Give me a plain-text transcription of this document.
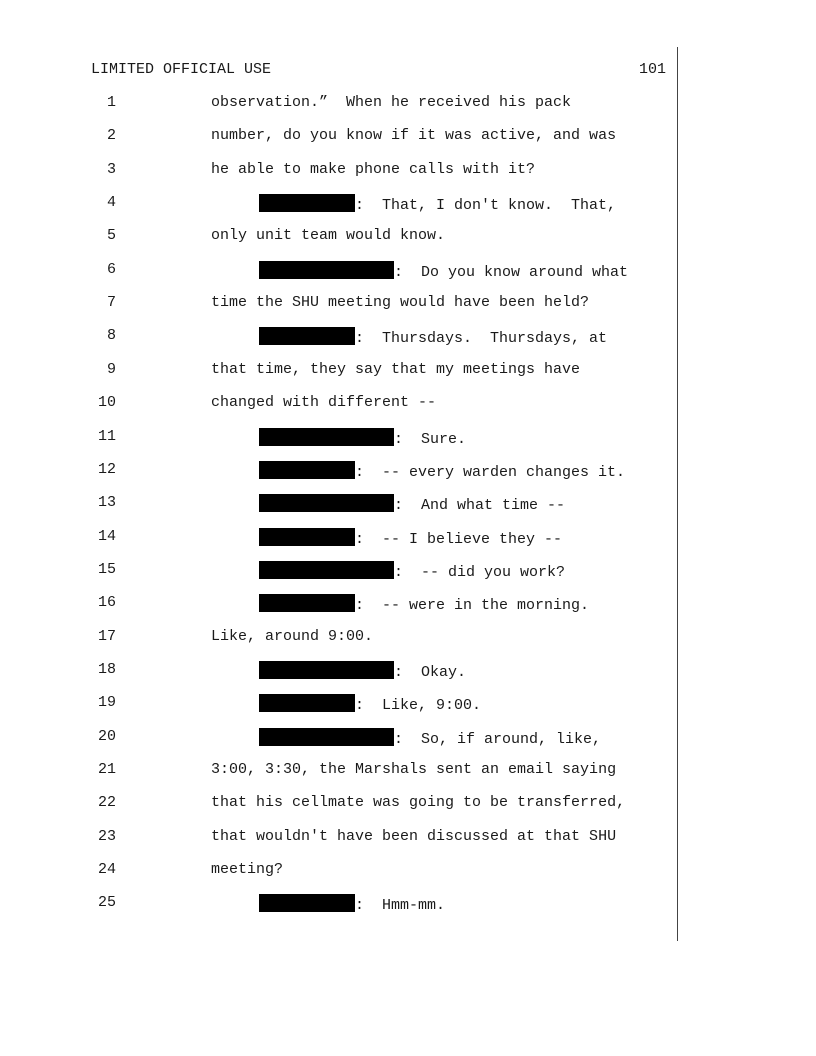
LIMITED OFFICIAL USE	101
1	observation.”  When he received his pack
2	number, do you know if it was active, and was
3	he able to make phone calls with it?
4	:  That, I don't know.  That,
5	only unit team would know.
6	:  Do you know around what
7	time the SHU meeting would have been held?
8	:  Thursdays.  Thursdays, at
9	that time, they say that my meetings have
10	changed with different --
11	:  Sure.
12	:  -- every warden changes it.
13	:  And what time --
14	:  -- I believe they --
15	:  -- did you work?
16	:  -- were in the morning.
17	Like, around 9:00.
18	:  Okay.
19	:  Like, 9:00.
20	:  So, if around, like,
21	3:00, 3:30, the Marshals sent an email saying
22	that his cellmate was going to be transferred,
23	that wouldn't have been discussed at that SHU
24	meeting?
25	:  Hmm-mm.
